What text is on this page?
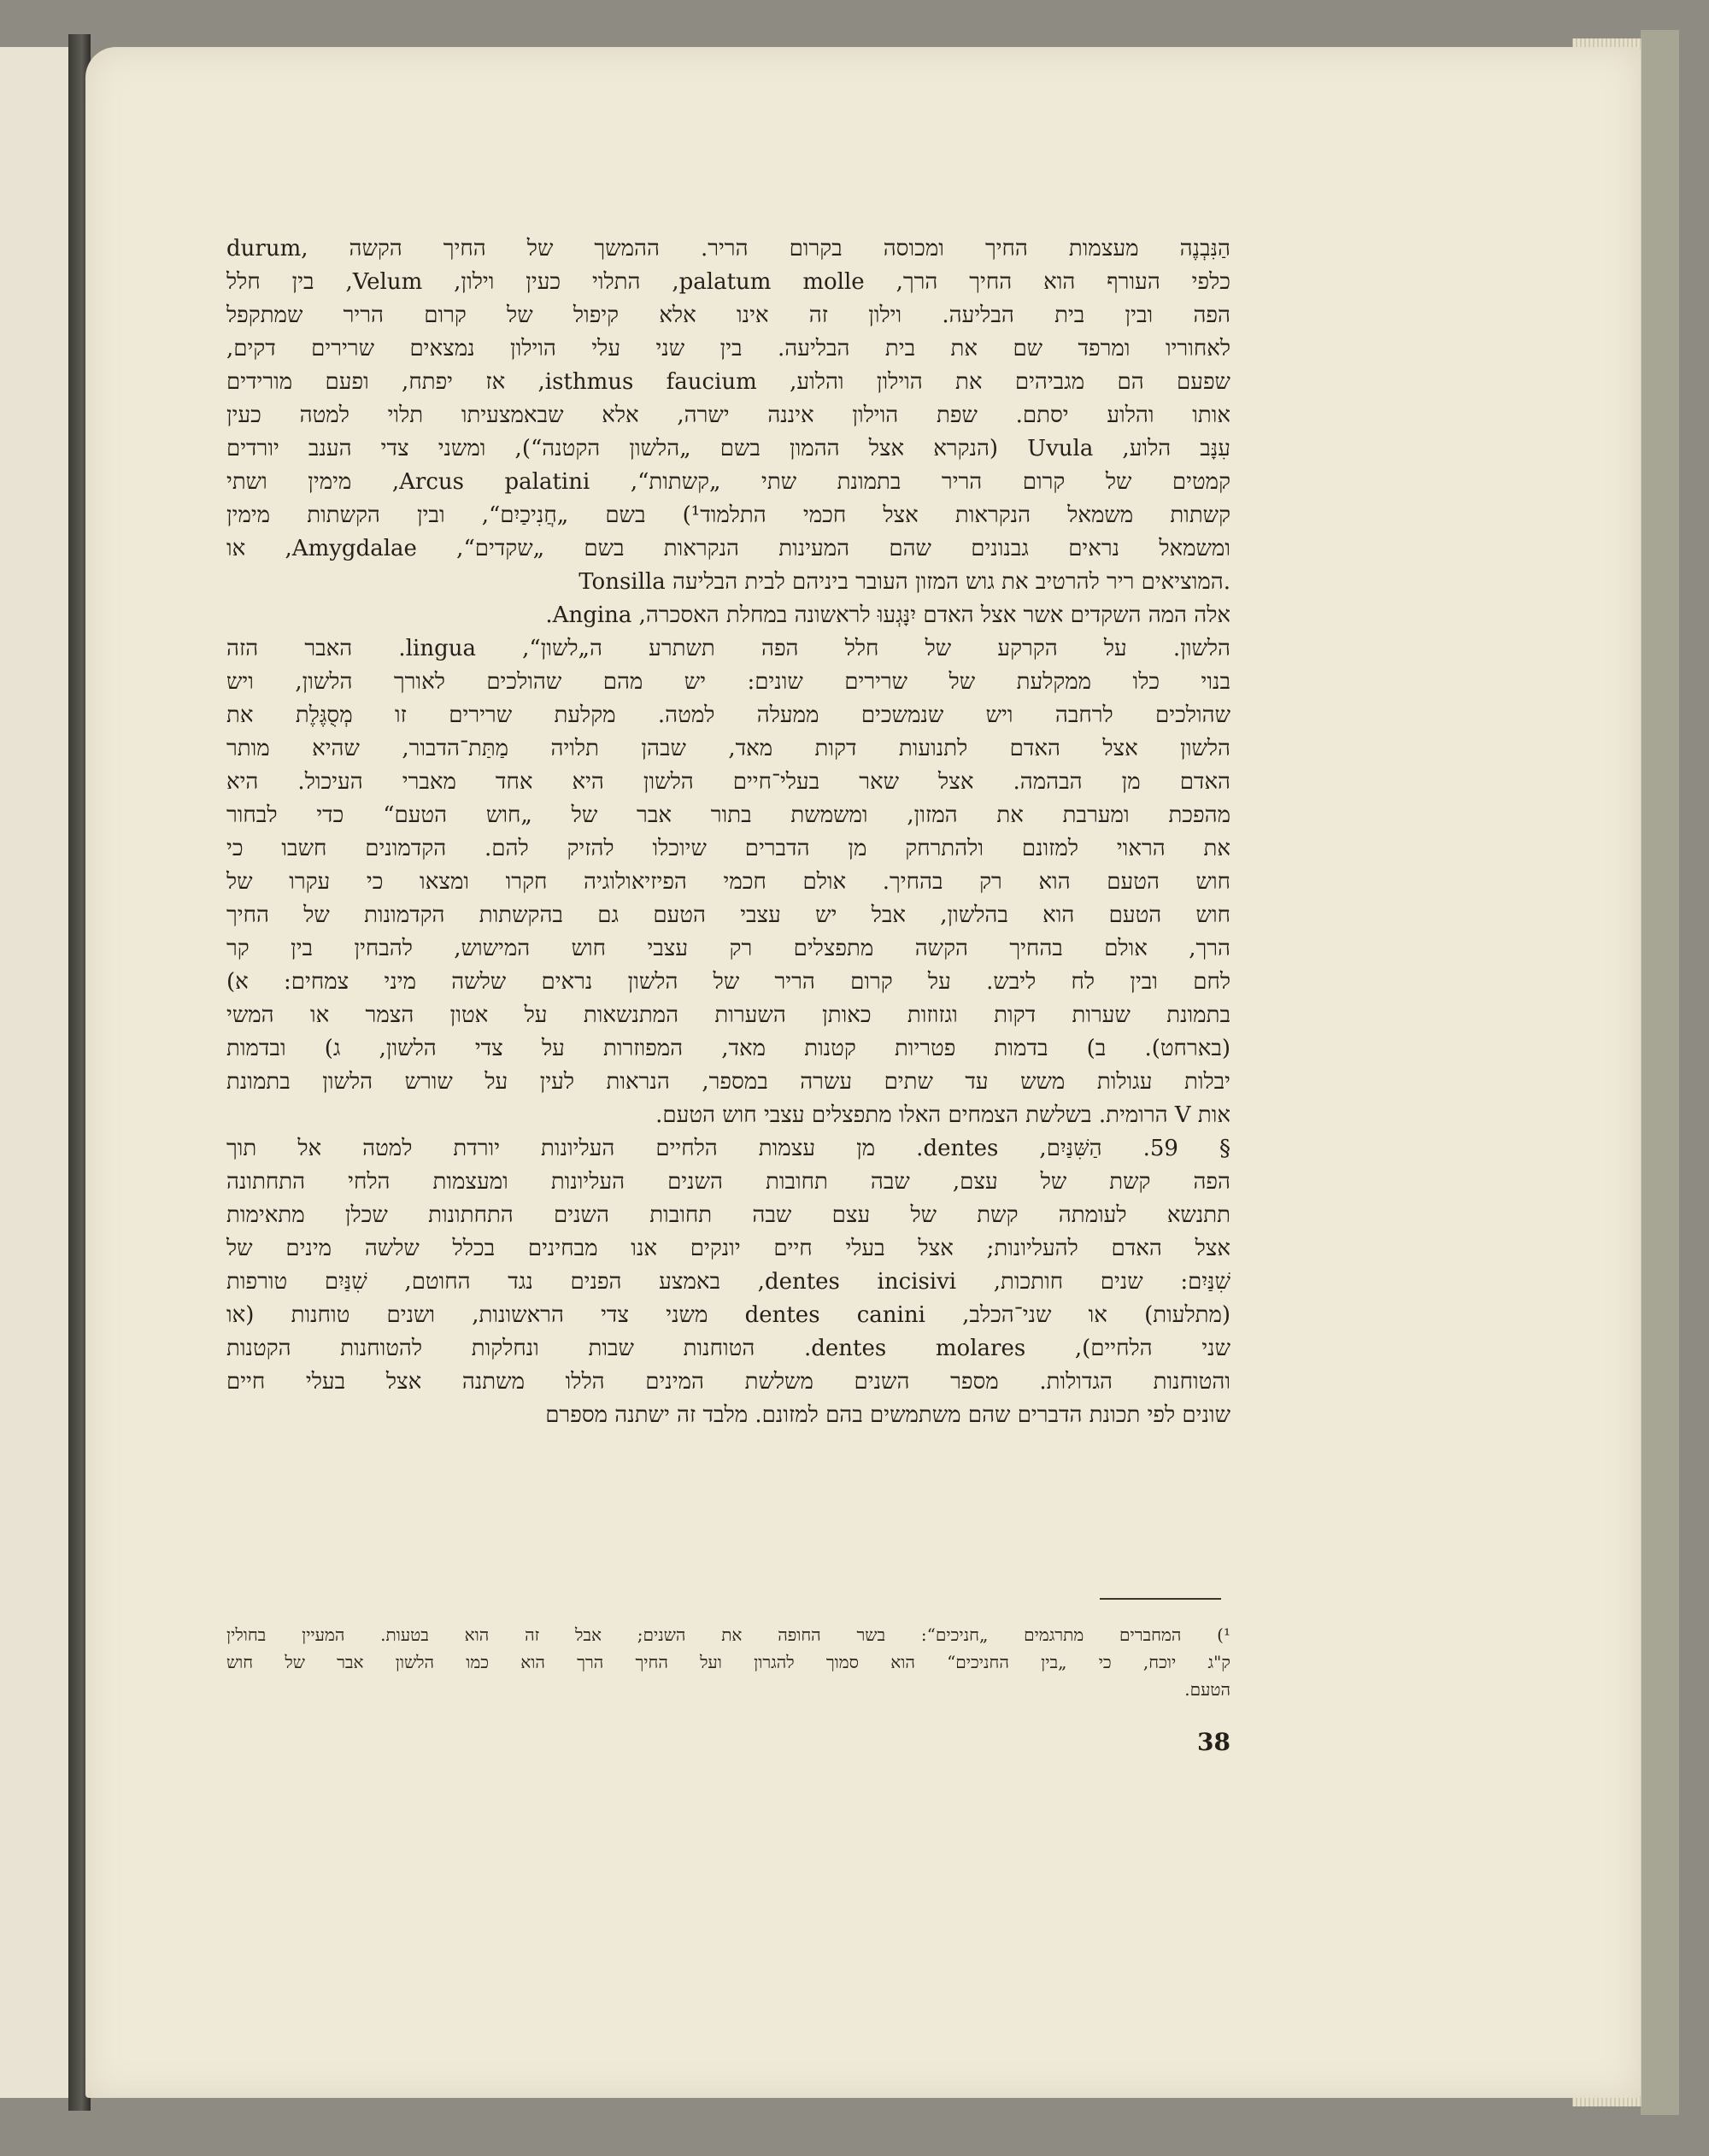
durum, הַנִּבְנֶה מעצמות החיך ומכוסה בקרום הריר. ההמשך של החיך הקשה
כלפי העורף הוא החיך הרך, palatum molle, התלוי כעין וילון, Velum, בין חלל
הפה ובין בית הבליעה. וילון זה אינו אלא קיפול של קרום הריר שמתקפל
לאחוריו ומרפד שם את בית הבליעה. בין שני עלי הוילון נמצאים שרירים דקים,
שפעם הם מגביהים את הוילון והלוע, isthmus faucium, אז יפתח, ופעם מורידים
אותו והלוע יסתם. שפת הוילון איננה ישרה, אלא שבאמצעיתו תלוי למטה כעין
עִנָּב הלוע, Uvula (הנקרא אצל ההמון בשם „הלשון הקטנה“), ומשני צדי הענב יורדים
קמטים של קרום הריר בתמונת שתי „קשתות“, Arcus palatini, מימין ושתי
קשתות משמאל הנקראות אצל חכמי התלמוד¹) בשם „חֲנִיכַיִם“, ובין הקשתות מימין
ומשמאל נראים גבנונים שהם המעינות הנקראות בשם „שקדים“, Amygdalae, או
Tonsilla המוציאים ריר להרטיב את גוש המזון העובר ביניהם לבית הבליעה.
אלה המה השקדים אשר אצל האדם יִנָּגְעוּ לראשונה במחלת האסכרה, Angina.
הלשון. על הקרקע של חלל הפה תשתרע ה„לשון“, lingua. האבר הזה
בנוי כלו ממקלעת של שרירים שונים: יש מהם שהולכים לאורך הלשון, ויש
שהולכים לרחבה ויש שנמשכים ממעלה למטה. מקלעת שרירים זו מְסֻגֶּלֶת את
הלשון אצל האדם לתנועות דקות מאד, שבהן תלויה מַתַּת־הדבור, שהיא מותר
האדם מן הבהמה. אצל שאר בעלי־חיים הלשון היא אחד מאברי העיכול. היא
מהפכת ומערבת את המזון, ומשמשת בתור אבר של „חוש הטעם“ כדי לבחור
את הראוי למזונם ולהתרחק מן הדברים שיוכלו להזיק להם. הקדמונים חשבו כי
חוש הטעם הוא רק בהחיך. אולם חכמי הפיזיאולוגיה חקרו ומצאו כי עקרו של
חוש הטעם הוא בהלשון, אבל יש עצבי הטעם גם בהקשתות הקדמונות של החיך
הרך, אולם בהחיך הקשה מתפצלים רק עצבי חוש המישוש, להבחין בין קר
לחם ובין לח ליבש. על קרום הריר של הלשון נראים שלשה מיני צמחים: א)
בתמונת שערות דקות וגזוזות כאותן השערות המתנשאות על אטון הצמר או המשי
(בארחט). ב) בדמות פטריות קטנות מאד, המפוזרות על צדי הלשון, ג) ובדמות
יבלות עגולות משש עד שתים עשרה במספר, הנראות לעין על שורש הלשון בתמונת
אות V הרומית. בשלשת הצמחים האלו מתפצלים עצבי חוש הטעם.
§ 59. הַשִּׁנַּיִם, dentes. מן עצמות הלחיים העליונות יורדת למטה אל תוך
הפה קשת של עצם, שבה תחובות השנים העליונות ומעצמות הלחי התחתונה
תתנשא לעומתה קשת של עצם שבה תחובות השנים התחתונות שכלן מתאימות
אצל האדם להעליונות; אצל בעלי חיים יונקים אנו מבחינים בכלל שלשה מינים של
שִׁנַּיִם: שנים חותכות, dentes incisivi, באמצע הפנים נגד החוטם, שִׁנַּיִם טורפות
(מתלעות) או שני־הכלב, dentes canini משני צדי הראשונות, ושנים טוחנות (או
שני הלחיים), dentes molares. הטוחנות שבות ונחלקות להטוחנות הקטנות
והטוחנות הגדולות. מספר השנים משלשת המינים הללו משתנה אצל בעלי חיים
שונים לפי תכונת הדברים שהם משתמשים בהם למזונם. מלבד זה ישתנה מספרם
¹) המחברים מתרגמים „חניכים“: בשר החופה את השנים; אבל זה הוא בטעות. המעיין בחולין
ק"ג יוכח, כי „בין החניכים“ הוא סמוך להגרון ועל החיך הרך הוא כמו הלשון אבר של חוש
הטעם.
38
